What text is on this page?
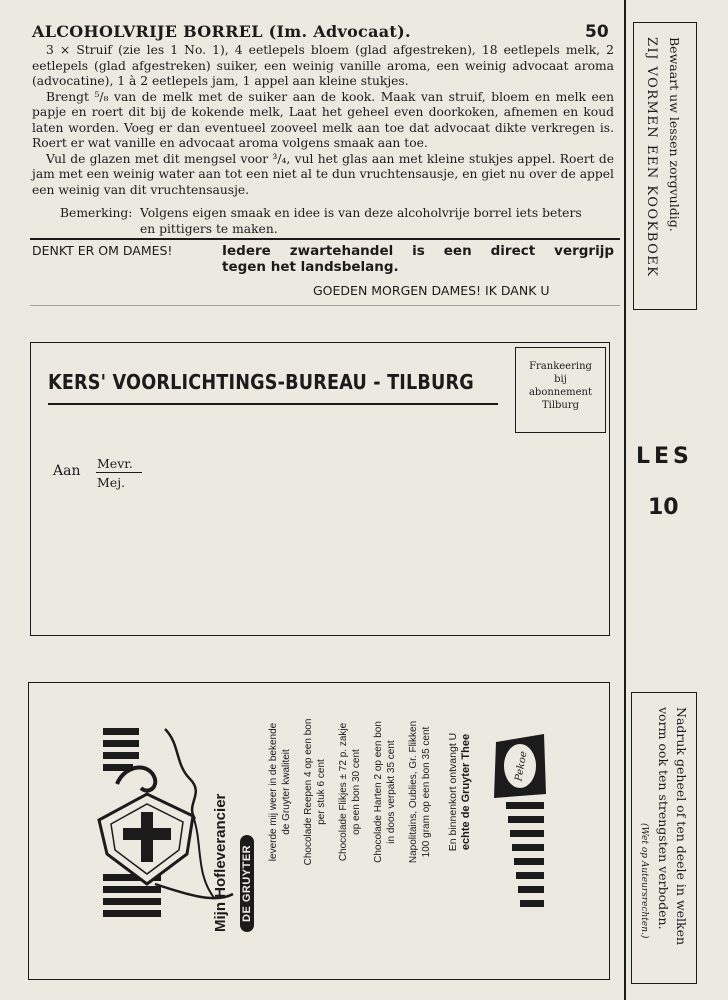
ALCOHOLVRIJE BORREL (Im. Advocaat).	50

3 × Struif (zie les 1 No. 1), 4 eetlepels bloem (glad afgestreken), 18 eetlepels melk, 2 eetlepels (glad afgestreken) suiker, een weinig vanille aroma, een weinig advocaat aroma (advocatine), 1 à 2 eetlepels jam, 1 appel aan kleine stukjes.

Brengt ⁵/₈ van de melk met de suiker aan de kook. Maak van struif, bloem en melk een papje en roert dit bij de kokende melk, Laat het geheel even doorkoken, afnemen en koud laten worden. Voeg er dan eventueel zooveel melk aan toe dat advocaat dikte verkregen is. Roert er wat vanille en advocaat aroma volgens smaak aan toe.

Vul de glazen met dit mengsel voor ³/₄, vul het glas aan met kleine stukjes appel. Roert de jam met een weinig water aan tot een niet al te dun vruchtensausje, en giet nu over de appel een weinig van dit vruchtensausje.

Bemerking: Volgens eigen smaak en idee is van deze alcoholvrije borrel iets beters
en pittigers te maken.
DENKT ER OM DAMES!	Iedere zwartehandel is een direct vergrijp
tegen het landsbelang.
GOEDEN MORGEN DAMES! IK DANK U
Bewaart uw lessen zorgvuldig.
ZIJ VORMEN EEN KOOKBOEK
LES
10
Nadruk geheel of ten deele in welken
vorm ook ten strengsten verboden.
(Wet op Auteursrechten.)
KERS' VOORLICHTINGS-BUREAU - TILBURG
Frankeering
bij
abonnement
Tilburg
Aan Mevr.
Mej.
Pekoe
Mijn Hofleverancier DE GRUYTER
leverde mij weer in de bekende de Gruyter kwaliteit Chocolade Reepen 4 op een bon per stuk 6 cent Chocolade Flikjes ± 72 p. zakje op een bon 30 cent Chocolade Harten 2 op een bon in doos verpakt 35 cent Napolitains, Oublies, Gr. Flikken 100 gram op een bon 35 cent En binnenkort ontvangt U echte de Gruyter Thee
